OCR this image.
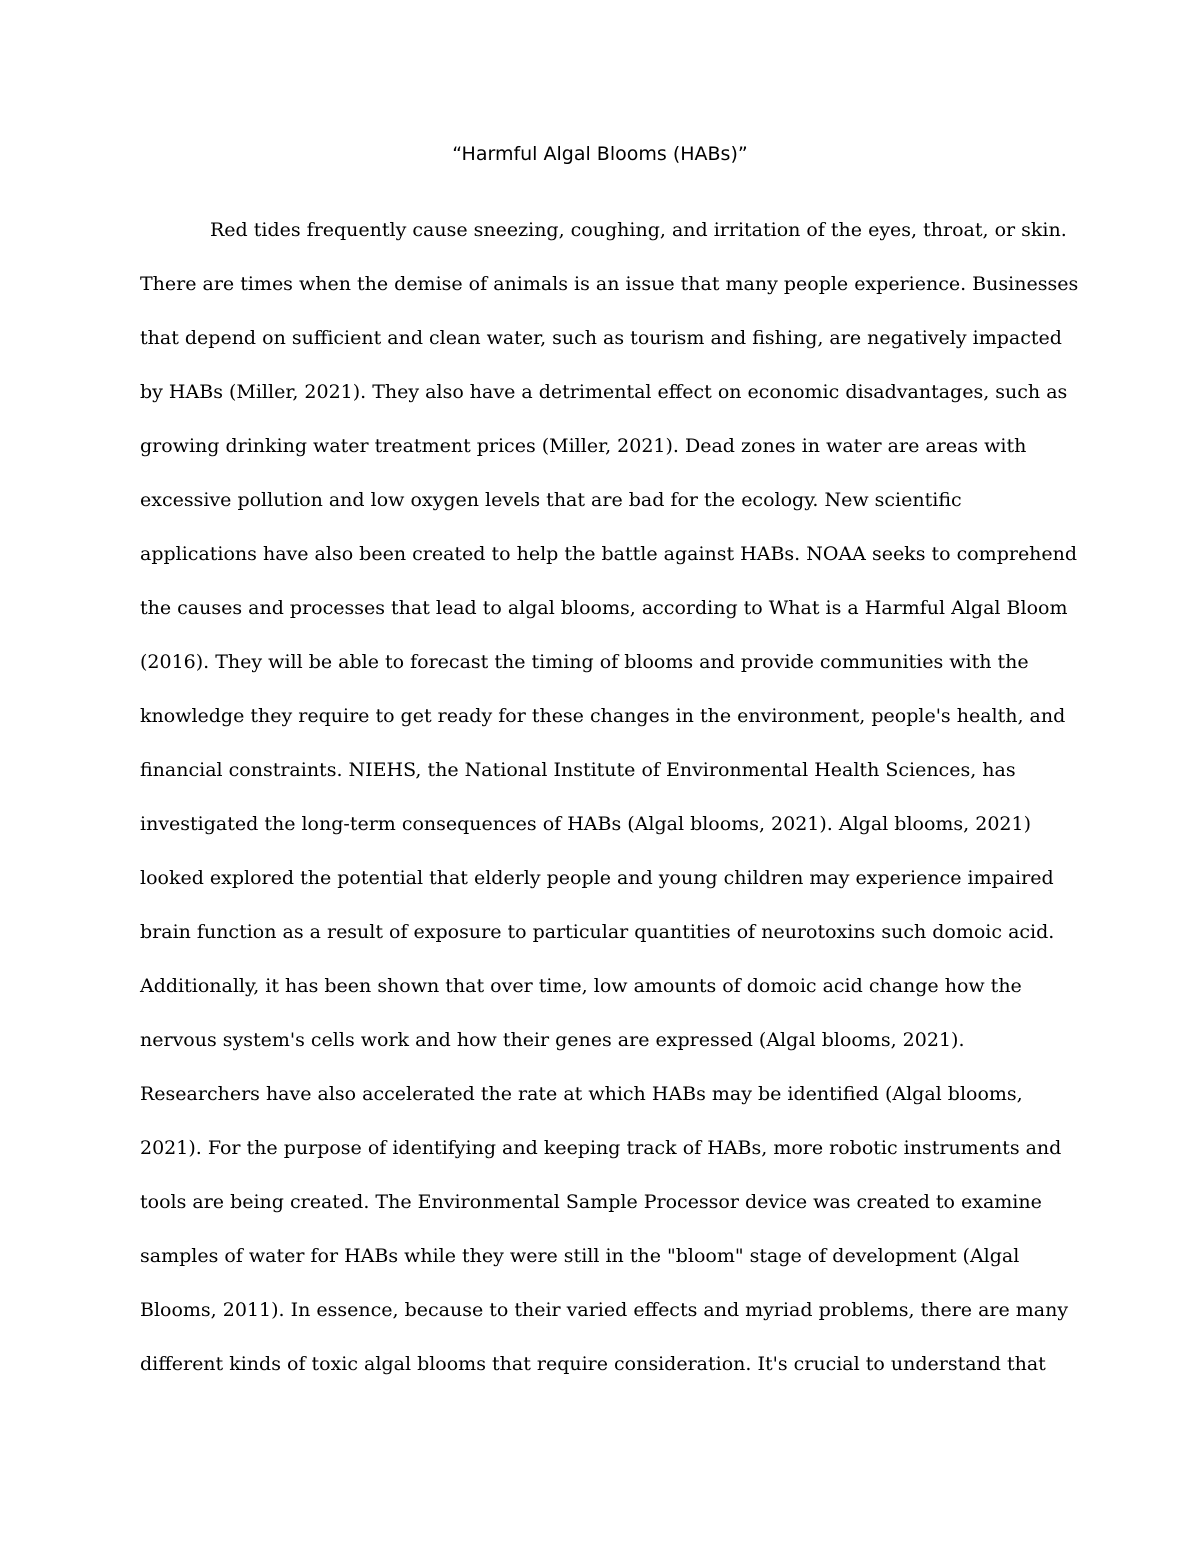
“Harmful Algal Blooms (HABs)”
Red tides frequently cause sneezing, coughing, and irritation of the eyes, throat, or skin.
There are times when the demise of animals is an issue that many people experience. Businesses
that depend on sufficient and clean water, such as tourism and fishing, are negatively impacted
by HABs (Miller, 2021). They also have a detrimental effect on economic disadvantages, such as
growing drinking water treatment prices (Miller, 2021). Dead zones in water are areas with
excessive pollution and low oxygen levels that are bad for the ecology. New scientific
applications have also been created to help the battle against HABs. NOAA seeks to comprehend
the causes and processes that lead to algal blooms, according to What is a Harmful Algal Bloom
(2016). They will be able to forecast the timing of blooms and provide communities with the
knowledge they require to get ready for these changes in the environment, people's health, and
financial constraints. NIEHS, the National Institute of Environmental Health Sciences, has
investigated the long-term consequences of HABs (Algal blooms, 2021). Algal blooms, 2021)
looked explored the potential that elderly people and young children may experience impaired
brain function as a result of exposure to particular quantities of neurotoxins such domoic acid.
Additionally, it has been shown that over time, low amounts of domoic acid change how the
nervous system's cells work and how their genes are expressed (Algal blooms, 2021).
Researchers have also accelerated the rate at which HABs may be identified (Algal blooms,
2021). For the purpose of identifying and keeping track of HABs, more robotic instruments and
tools are being created. The Environmental Sample Processor device was created to examine
samples of water for HABs while they were still in the "bloom" stage of development (Algal
Blooms, 2011). In essence, because to their varied effects and myriad problems, there are many
different kinds of toxic algal blooms that require consideration. It's crucial to understand that
